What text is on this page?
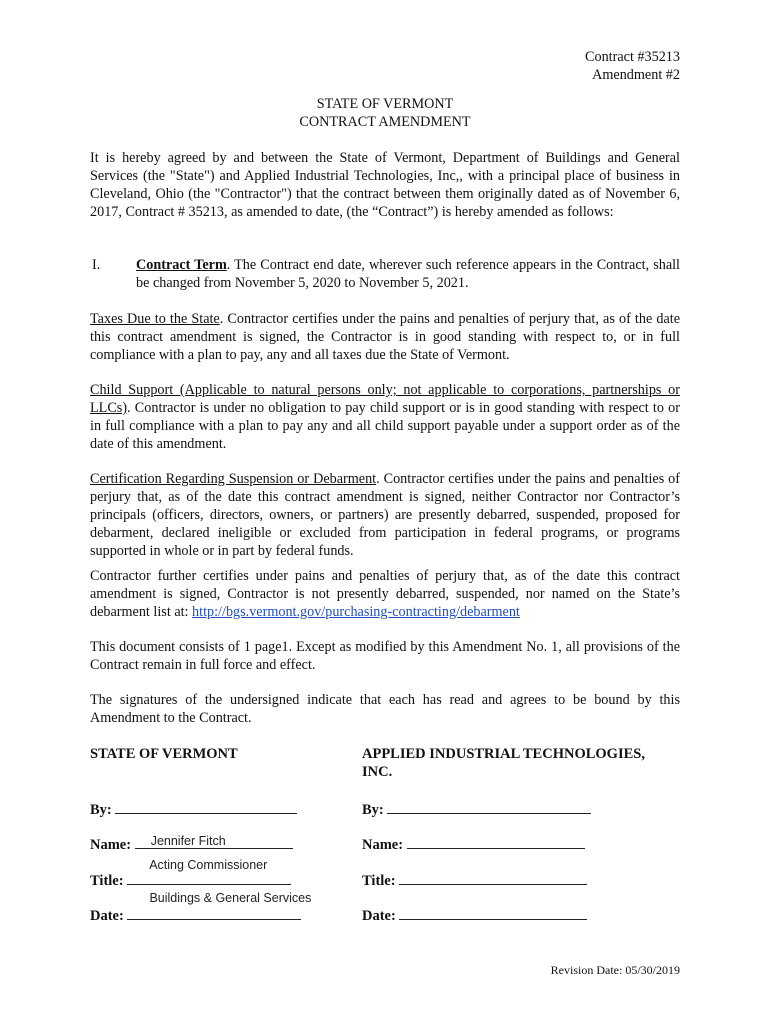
Contract #35213
Amendment #2
STATE OF VERMONT
CONTRACT AMENDMENT
It is hereby agreed by and between the State of Vermont, Department of Buildings and General Services (the "State") and Applied Industrial Technologies, Inc,, with a principal place of business in Cleveland, Ohio (the "Contractor") that the contract between them originally dated as of November 6, 2017, Contract # 35213, as amended to date, (the “Contract”) is hereby amended as follows:
I.	Contract Term. The Contract end date, wherever such reference appears in the Contract, shall be changed from November 5, 2020 to November 5, 2021.
Taxes Due to the State. Contractor certifies under the pains and penalties of perjury that, as of the date this contract amendment is signed, the Contractor is in good standing with respect to, or in full compliance with a plan to pay, any and all taxes due the State of Vermont.
Child Support (Applicable to natural persons only; not applicable to corporations, partnerships or LLCs). Contractor is under no obligation to pay child support or is in good standing with respect to or in full compliance with a plan to pay any and all child support payable under a support order as of the date of this amendment.
Certification Regarding Suspension or Debarment. Contractor certifies under the pains and penalties of perjury that, as of the date this contract amendment is signed, neither Contractor nor Contractor’s principals (officers, directors, owners, or partners) are presently debarred, suspended, proposed for debarment, declared ineligible or excluded from participation in federal programs, or programs supported in whole or in part by federal funds.
Contractor further certifies under pains and penalties of perjury that, as of the date this contract amendment is signed, Contractor is not presently debarred, suspended, nor named on the State’s debarment list at: http://bgs.vermont.gov/purchasing-contracting/debarment
This document consists of 1 page1. Except as modified by this Amendment No. 1, all provisions of the Contract remain in full force and effect.
The signatures of the undersigned indicate that each has read and agrees to be bound by this Amendment to the Contract.
STATE OF VERMONT	APPLIED INDUSTRIAL TECHNOLOGIES,
INC.
By:
Name: Jennifer Fitch
Title:
Acting Commissioner
Date:
Buildings & General Services
By:
Name:
Title:
Date:
Revision Date: 05/30/2019
